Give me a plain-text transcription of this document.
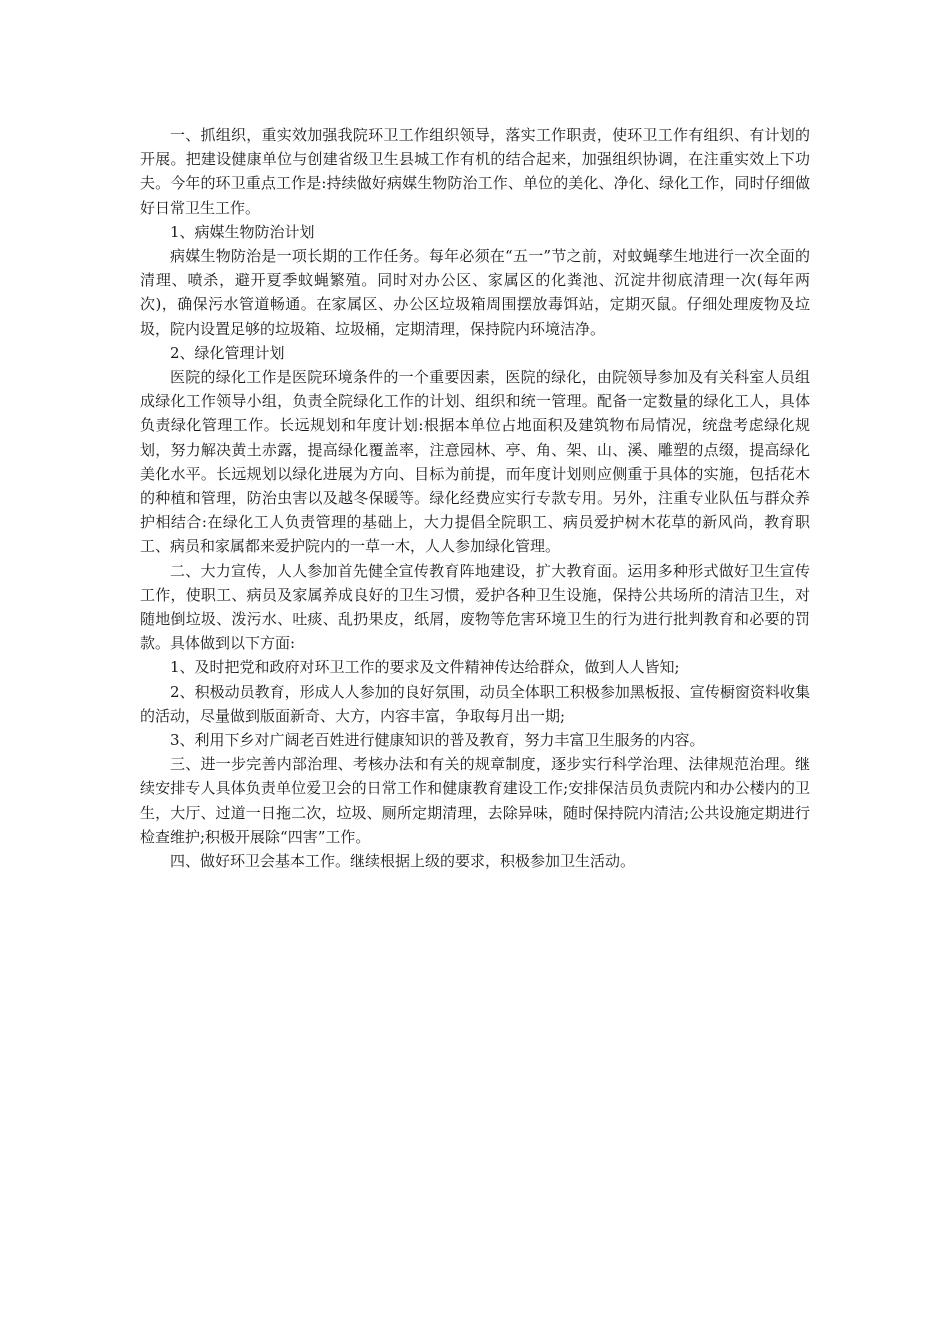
一、抓组织，重实效加强我院环卫工作组织领导，落实工作职责，使环卫工作有组织、有计划的开展。把建设健康单位与创建省级卫生县城工作有机的结合起来，加强组织协调，在注重实效上下功夫。今年的环卫重点工作是:持续做好病媒生物防治工作、单位的美化、净化、绿化工作，同时仔细做好日常卫生工作。

1、病媒生物防治计划

病媒生物防治是一项长期的工作任务。每年必须在“五一”节之前，对蚊蝇孳生地进行一次全面的清理、喷杀，避开夏季蚊蝇繁殖。同时对办公区、家属区的化粪池、沉淀井彻底清理一次(每年两次)，确保污水管道畅通。在家属区、办公区垃圾箱周围摆放毒饵站，定期灭鼠。仔细处理废物及垃圾，院内设置足够的垃圾箱、垃圾桶，定期清理，保持院内环境洁净。

2、绿化管理计划

医院的绿化工作是医院环境条件的一个重要因素，医院的绿化，由院领导参加及有关科室人员组成绿化工作领导小组，负责全院绿化工作的计划、组织和统一管理。配备一定数量的绿化工人，具体负责绿化管理工作。长远规划和年度计划:根据本单位占地面积及建筑物布局情况，统盘考虑绿化规划，努力解决黄土赤露，提高绿化覆盖率，注意园林、亭、角、架、山、溪、雕塑的点缀，提高绿化美化水平。长远规划以绿化进展为方向、目标为前提，而年度计划则应侧重于具体的实施，包括花木的种植和管理，防治虫害以及越冬保暖等。绿化经费应实行专款专用。另外，注重专业队伍与群众养护相结合:在绿化工人负责管理的基础上，大力提倡全院职工、病员爱护树木花草的新风尚，教育职工、病员和家属都来爱护院内的一草一木，人人参加绿化管理。

二、大力宣传，人人参加首先健全宣传教育阵地建设，扩大教育面。运用多种形式做好卫生宣传工作，使职工、病员及家属养成良好的卫生习惯，爱护各种卫生设施，保持公共场所的清洁卫生，对随地倒垃圾、泼污水、吐痰、乱扔果皮，纸屑，废物等危害环境卫生的行为进行批判教育和必要的罚款。具体做到以下方面:

1、及时把党和政府对环卫工作的要求及文件精神传达给群众，做到人人皆知;

2、积极动员教育，形成人人参加的良好氛围，动员全体职工积极参加黑板报、宣传橱窗资料收集的活动，尽量做到版面新奇、大方，内容丰富，争取每月出一期;

3、利用下乡对广阔老百姓进行健康知识的普及教育，努力丰富卫生服务的内容。

三、进一步完善内部治理、考核办法和有关的规章制度，逐步实行科学治理、法律规范治理。继续安排专人具体负责单位爱卫会的日常工作和健康教育建设工作;安排保洁员负责院内和办公楼内的卫生，大厅、过道一日拖二次，垃圾、厕所定期清理，去除异味，随时保持院内清洁;公共设施定期进行检查维护;积极开展除“四害”工作。

四、做好环卫会基本工作。继续根据上级的要求，积极参加卫生活动。
